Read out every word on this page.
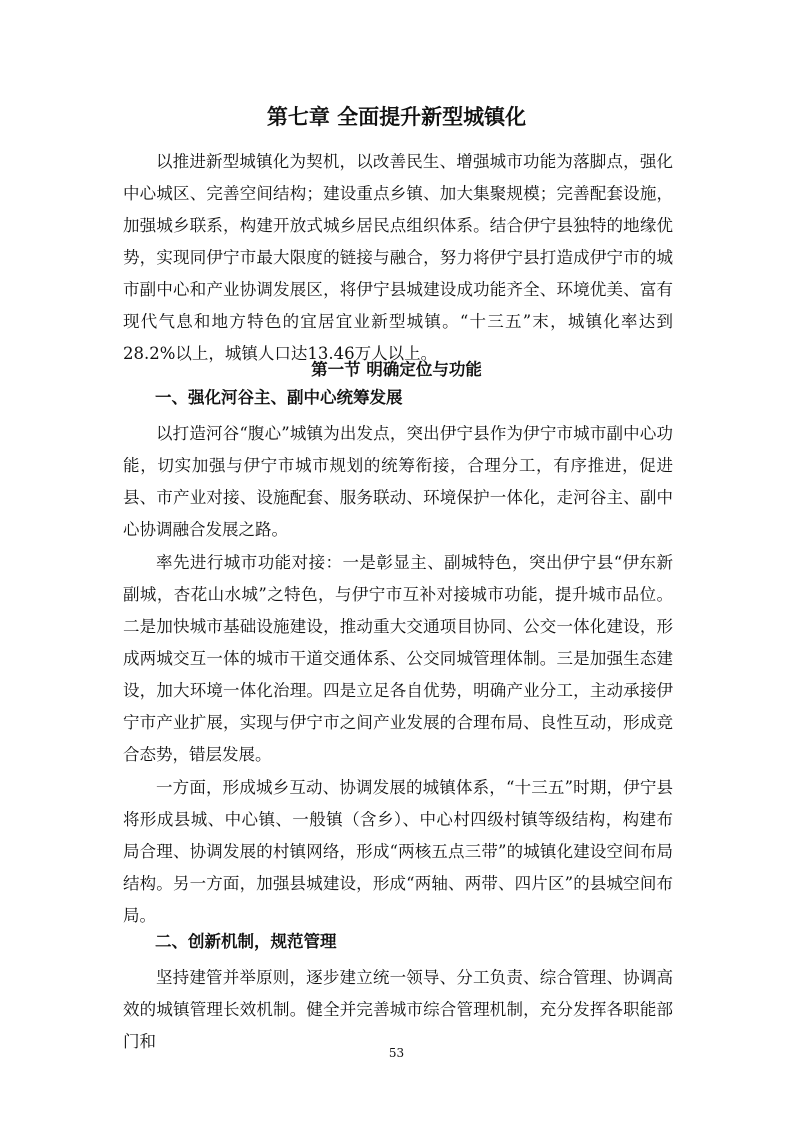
第七章 全面提升新型城镇化

以推进新型城镇化为契机，以改善民生、增强城市功能为落脚点，强化中心城区、完善空间结构；建设重点乡镇、加大集聚规模；完善配套设施，加强城乡联系，构建开放式城乡居民点组织体系。结合伊宁县独特的地缘优势，实现同伊宁市最大限度的链接与融合，努力将伊宁县打造成伊宁市的城市副中心和产业协调发展区，将伊宁县城建设成功能齐全、环境优美、富有现代气息和地方特色的宜居宜业新型城镇。“十三五”末，城镇化率达到28.2%以上，城镇人口达13.46万人以上。

第一节 明确定位与功能
一、强化河谷主、副中心统筹发展

以打造河谷“腹心”城镇为出发点，突出伊宁县作为伊宁市城市副中心功能，切实加强与伊宁市城市规划的统筹衔接，合理分工，有序推进，促进县、市产业对接、设施配套、服务联动、环境保护一体化，走河谷主、副中心协调融合发展之路。

率先进行城市功能对接：一是彰显主、副城特色，突出伊宁县“伊东新副城，杏花山水城”之特色，与伊宁市互补对接城市功能，提升城市品位。二是加快城市基础设施建设，推动重大交通项目协同、公交一体化建设，形成两城交互一体的城市干道交通体系、公交同城管理体制。三是加强生态建设，加大环境一体化治理。四是立足各自优势，明确产业分工，主动承接伊宁市产业扩展，实现与伊宁市之间产业发展的合理布局、良性互动，形成竞合态势，错层发展。

一方面，形成城乡互动、协调发展的城镇体系，“十三五”时期，伊宁县将形成县城、中心镇、一般镇（含乡）、中心村四级村镇等级结构，构建布局合理、协调发展的村镇网络，形成“两核五点三带”的城镇化建设空间布局结构。另一方面，加强县城建设，形成“两轴、两带、四片区”的县城空间布局。

二、创新机制，规范管理

坚持建管并举原则，逐步建立统一领导、分工负责、综合管理、协调高效的城镇管理长效机制。健全并完善城市综合管理机制，充分发挥各职能部门和

53
